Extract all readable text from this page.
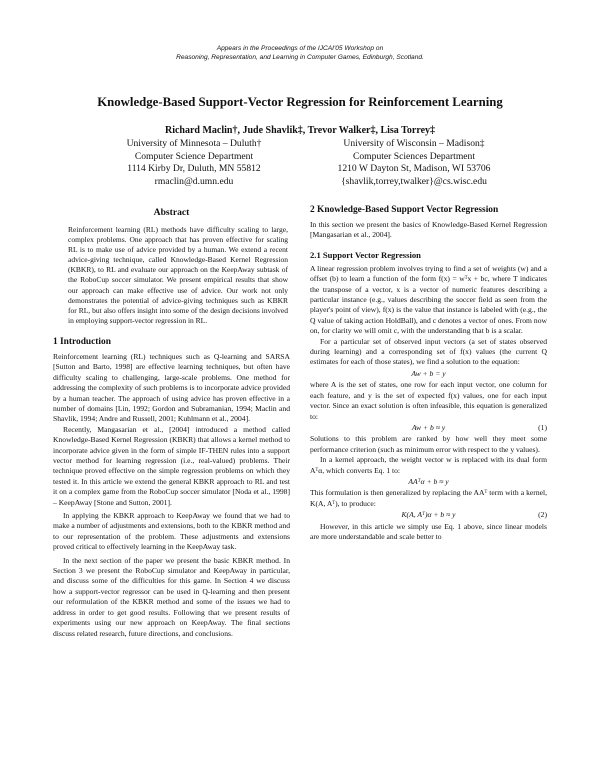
Appears in the Proceedings of the IJCAI'05 Workshop on
Reasoning, Representation, and Learning in Computer Games, Edinburgh, Scotland.
Knowledge-Based Support-Vector Regression for Reinforcement Learning
Richard Maclin†, Jude Shavlik‡, Trevor Walker‡, Lisa Torrey‡
University of Minnesota – Duluth†
Computer Science Department
1114 Kirby Dr, Duluth, MN 55812
rmaclin@d.umn.edu
University of Wisconsin – Madison‡
Computer Sciences Department
1210 W Dayton St, Madison, WI 53706
{shavlik,torrey,twalker}@cs.wisc.edu
Abstract

Reinforcement learning (RL) methods have difficulty scaling to large, complex problems. One approach that has proven effective for scaling RL is to make use of advice provided by a human. We extend a recent advice-giving technique, called Knowledge-Based Kernel Regression (KBKR), to RL and evaluate our approach on the KeepAway subtask of the RoboCup soccer simulator. We present empirical results that show our approach can make effective use of advice. Our work not only demonstrates the potential of advice-giving techniques such as KBKR for RL, but also offers insight into some of the design decisions involved in employing support-vector regression in RL.

1 Introduction

Reinforcement learning (RL) techniques such as Q-learning and SARSA [Sutton and Barto, 1998] are effective learning techniques, but often have difficulty scaling to challenging, large-scale problems. One method for addressing the complexity of such problems is to incorporate advice provided by a human teacher. The approach of using advice has proven effective in a number of domains [Lin, 1992; Gordon and Subramanian, 1994; Maclin and Shavlik, 1994; Andre and Russell, 2001; Kuhlmann et al., 2004].

Recently, Mangasarian et al., [2004] introduced a method called Knowledge-Based Kernel Regression (KBKR) that allows a kernel method to incorporate advice given in the form of simple IF-THEN rules into a support vector method for learning regression (i.e., real-valued) problems. Their technique proved effective on the simple regression problems on which they tested it. In this article we extend the general KBKR approach to RL and test it on a complex game from the RoboCup soccer simulator [Noda et al., 1998] – KeepAway [Stone and Sutton, 2001].

In applying the KBKR approach to KeepAway we found that we had to make a number of adjustments and extensions, both to the KBKR method and to our representation of the problem. These adjustments and extensions proved critical to effectively learning in the KeepAway task.

In the next section of the paper we present the basic KBKR method. In Section 3 we present the RoboCup simulator and KeepAway in particular, and discuss some of the difficulties for this game. In Section 4 we discuss how a support-vector regressor can be used in Q-learning and then present our reformulation of the KBKR method and some of the issues we had to address in order to get good results. Following that we present results of experiments using our new approach on KeepAway. The final sections discuss related research, future directions, and conclusions.

2 Knowledge-Based Support Vector Regression

In this section we present the basics of Knowledge-Based Kernel Regression [Mangasarian et al., 2004].

2.1 Support Vector Regression

A linear regression problem involves trying to find a set of weights (w) and a offset (b) to learn a function of the form f(x) = wᵀx + bc, where T indicates the transpose of a vector, x is a vector of numeric features describing a particular instance (e.g., values describing the soccer field as seen from the player's point of view), f(x) is the value that instance is labeled with (e.g., the Q value of taking action HoldBall), and c denotes a vector of ones. From now on, for clarity we will omit c, with the understanding that b is a scalar.

For a particular set of observed input vectors (a set of states observed during learning) and a corresponding set of f(x) values (the current Q estimates for each of those states), we find a solution to the equation:

Aw + b = y

where A is the set of states, one row for each input vector, one column for each feature, and y is the set of expected f(x) values, one for each input vector. Since an exact solution is often infeasible, this equation is generalized to:

Aw + b ≈ y	(1)

Solutions to this problem are ranked by how well they meet some performance criterion (such as minimum error with respect to the y values).

In a kernel approach, the weight vector w is replaced with its dual form Aᵀα, which converts Eq. 1 to:

AAᵀα + b ≈ y

This formulation is then generalized by replacing the AAᵀ term with a kernel, K(A, Aᵀ), to produce:

K(A, Aᵀ)α + b ≈ y	(2)

However, in this article we simply use Eq. 1 above, since linear models are more understandable and scale better to
